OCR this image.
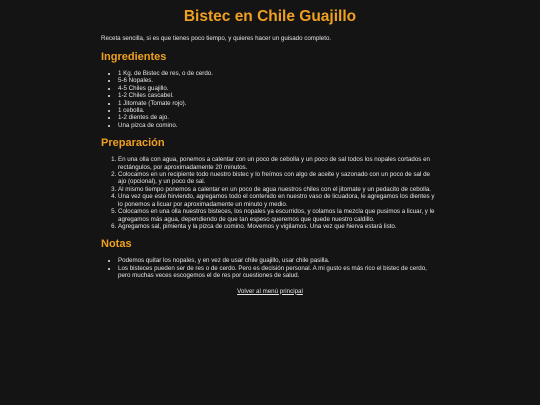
Bistec en Chile Guajillo

Receta sencilla, si es que tienes poco tiempo, y quieres hacer un guisado completo.

Ingredientes
• 1 Kg. de Bistec de res, o de cerdo.
• 5-6 Nopales.
• 4-5 Chiles guajillo.
• 1-2 Chiles cascabel.
• 1 Jitomate (Tomate rojo).
• 1 cebolla.
• 1-2 dientes de ajo.
• Una pizca de comino.
Preparación
1. En una olla con agua, ponemos a calentar con un poco de cebolla y un poco de sal todos los nopales cortados en rectángulos, por aproximadamente 20 minutos.
2. Colocamos en un recipiente todo nuestro bistec y lo freímos con algo de aceite y sazonado con un poco de sal de ajo (opcional), y un poco de sal.
3. Al mismo tiempo ponemos a calentar en un poco de agua nuestros chiles con el jitomate y un pedacito de cebolla.
4. Una vez que esté hirviendo, agregamos todo el contenido en nuestro vaso de licuadora, le agregamos los dientes y lo ponemos a licuar por aproximadamente un minuto y medio.
5. Colocamos en una olla nuestros bisteces, los nopales ya escurridos, y colamos la mezcla que pusimos a licuar, y le agregamos más agua, dependiendo de que tan espeso queremos que quede nuestro caldillo.
6. Agregamos sal, pimienta y la pizca de comino. Movemos y vigilamos. Una vez que hierva estará listo.
Notas
• Podemos quitar los nopales, y en vez de usar chile guajillo, usar chile pasilla.
• Los bisteces pueden ser de res o de cerdo. Pero es decisión personal. A mi gusto es más rico el bistec de cerdo, pero muchas veces escogemos el de res por cuestiones de salud.
Volver al menú principal
